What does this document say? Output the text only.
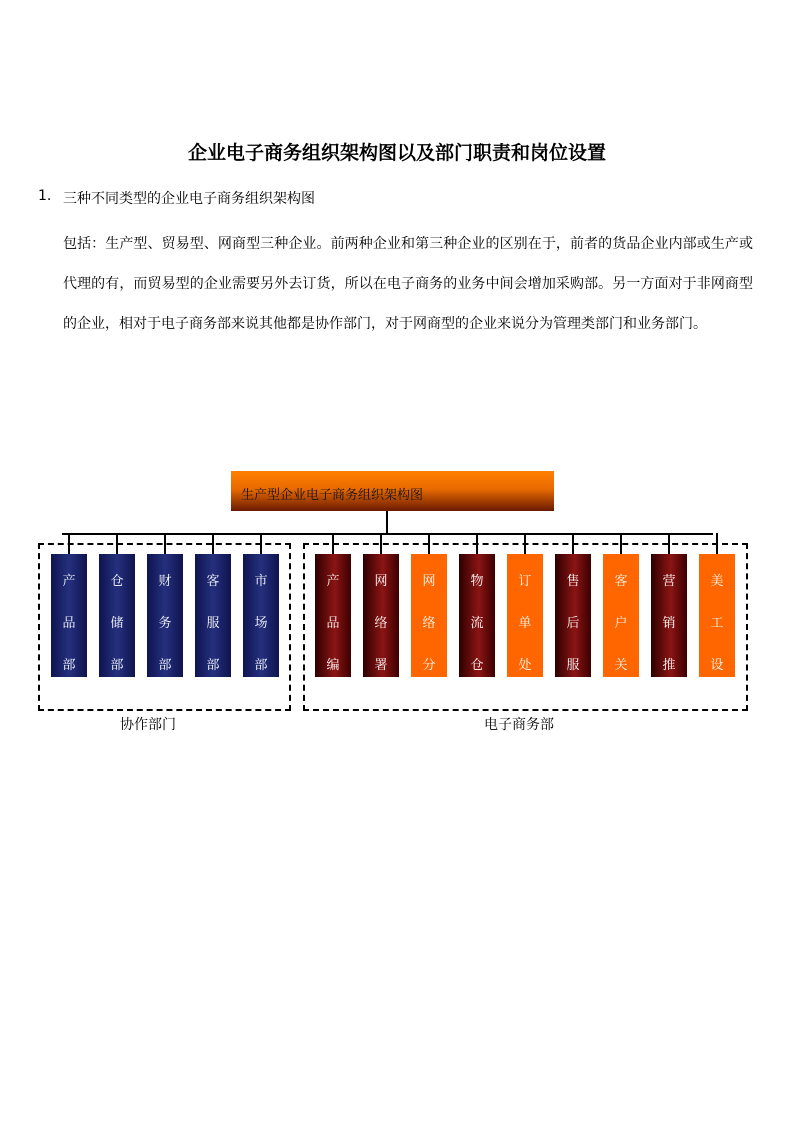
企业电子商务组织架构图以及部门职责和岗位设置
1. 三种不同类型的企业电子商务组织架构图

包括：生产型、贸易型、网商型三种企业。前两种企业和第三种企业的区别在于，前者的货品企业内部或生产或代理的有，而贸易型的企业需要另外去订货，所以在电子商务的业务中间会增加采购部。另一方面对于非网商型的企业，相对于电子商务部来说其他都是协作部门，对于网商型的企业来说分为管理类部门和业务部门。

生产型企业电子商务组织架构图
产
品
部
仓
储
部
财
务
部
客
服
部
市
场
部
产
品
编
网
络
署
网
络
分
物
流
仓
订
单
处
售
后
服
客
户
关
营
销
推
美
工
设
协作部门	电子商务部
